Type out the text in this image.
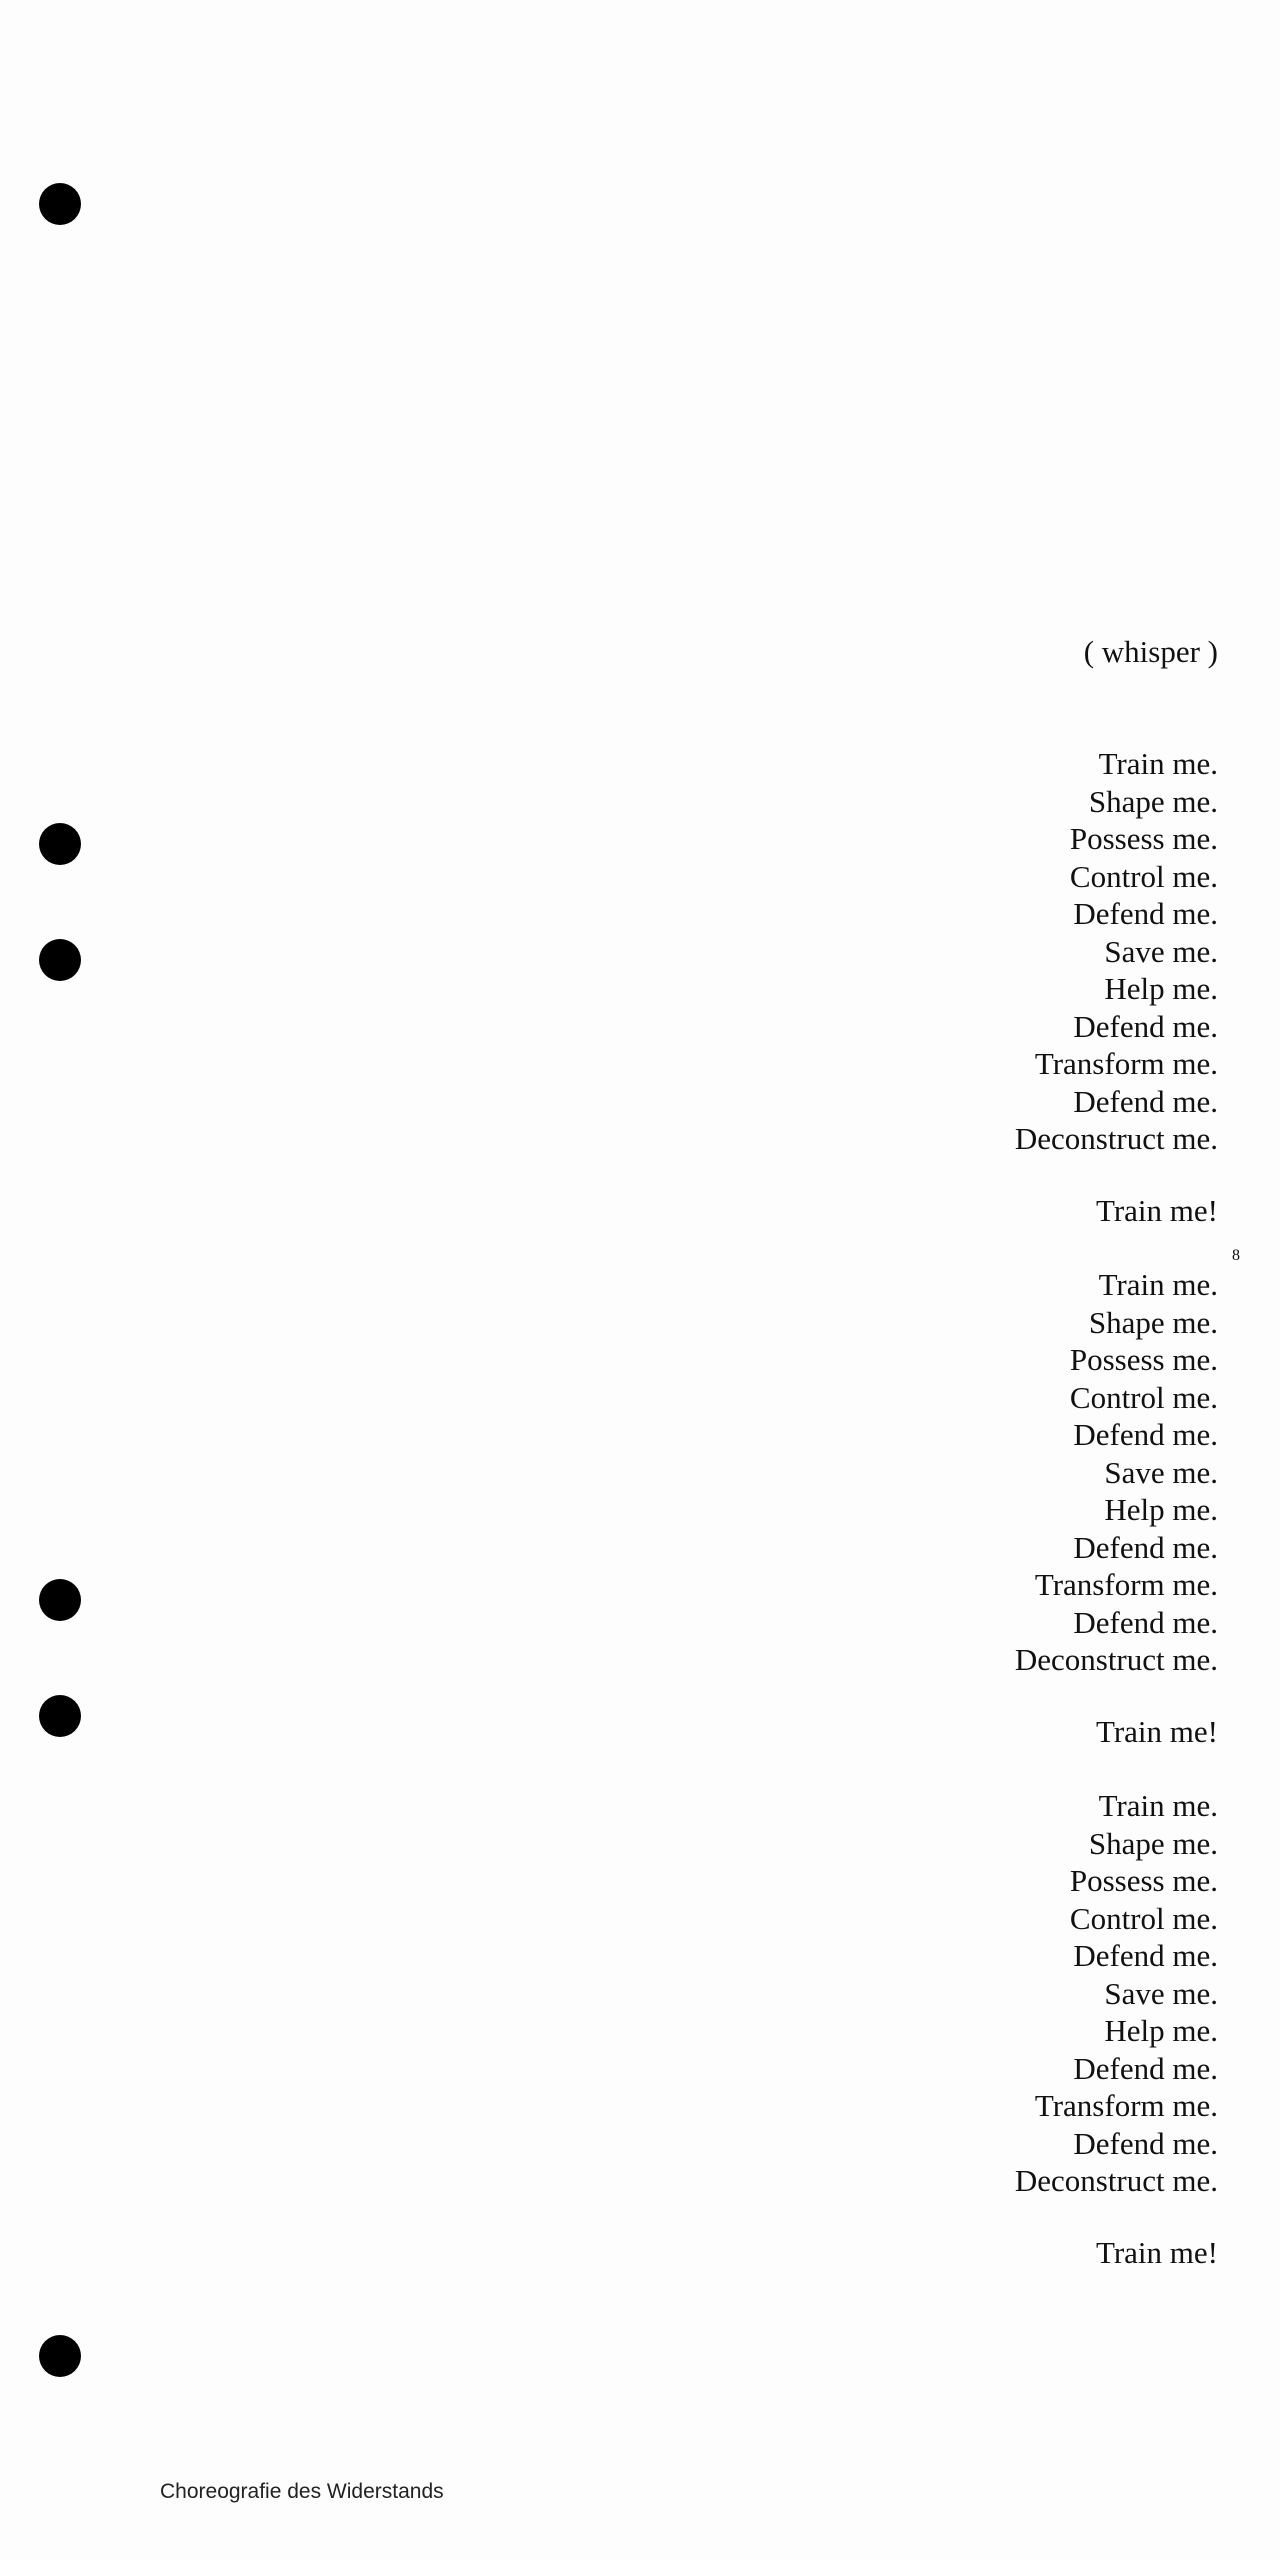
( whisper )
Train me.
Shape me.
Possess me.
Control me.
Defend me.
Save me.
Help me.
Defend me.
Transform me.
Defend me.
Deconstruct me.
Train me!
8
Train me.
Shape me.
Possess me.
Control me.
Defend me.
Save me.
Help me.
Defend me.
Transform me.
Defend me.
Deconstruct me.
Train me!
Train me.
Shape me.
Possess me.
Control me.
Defend me.
Save me.
Help me.
Defend me.
Transform me.
Defend me.
Deconstruct me.
Train me!
Choreografie des Widerstands
